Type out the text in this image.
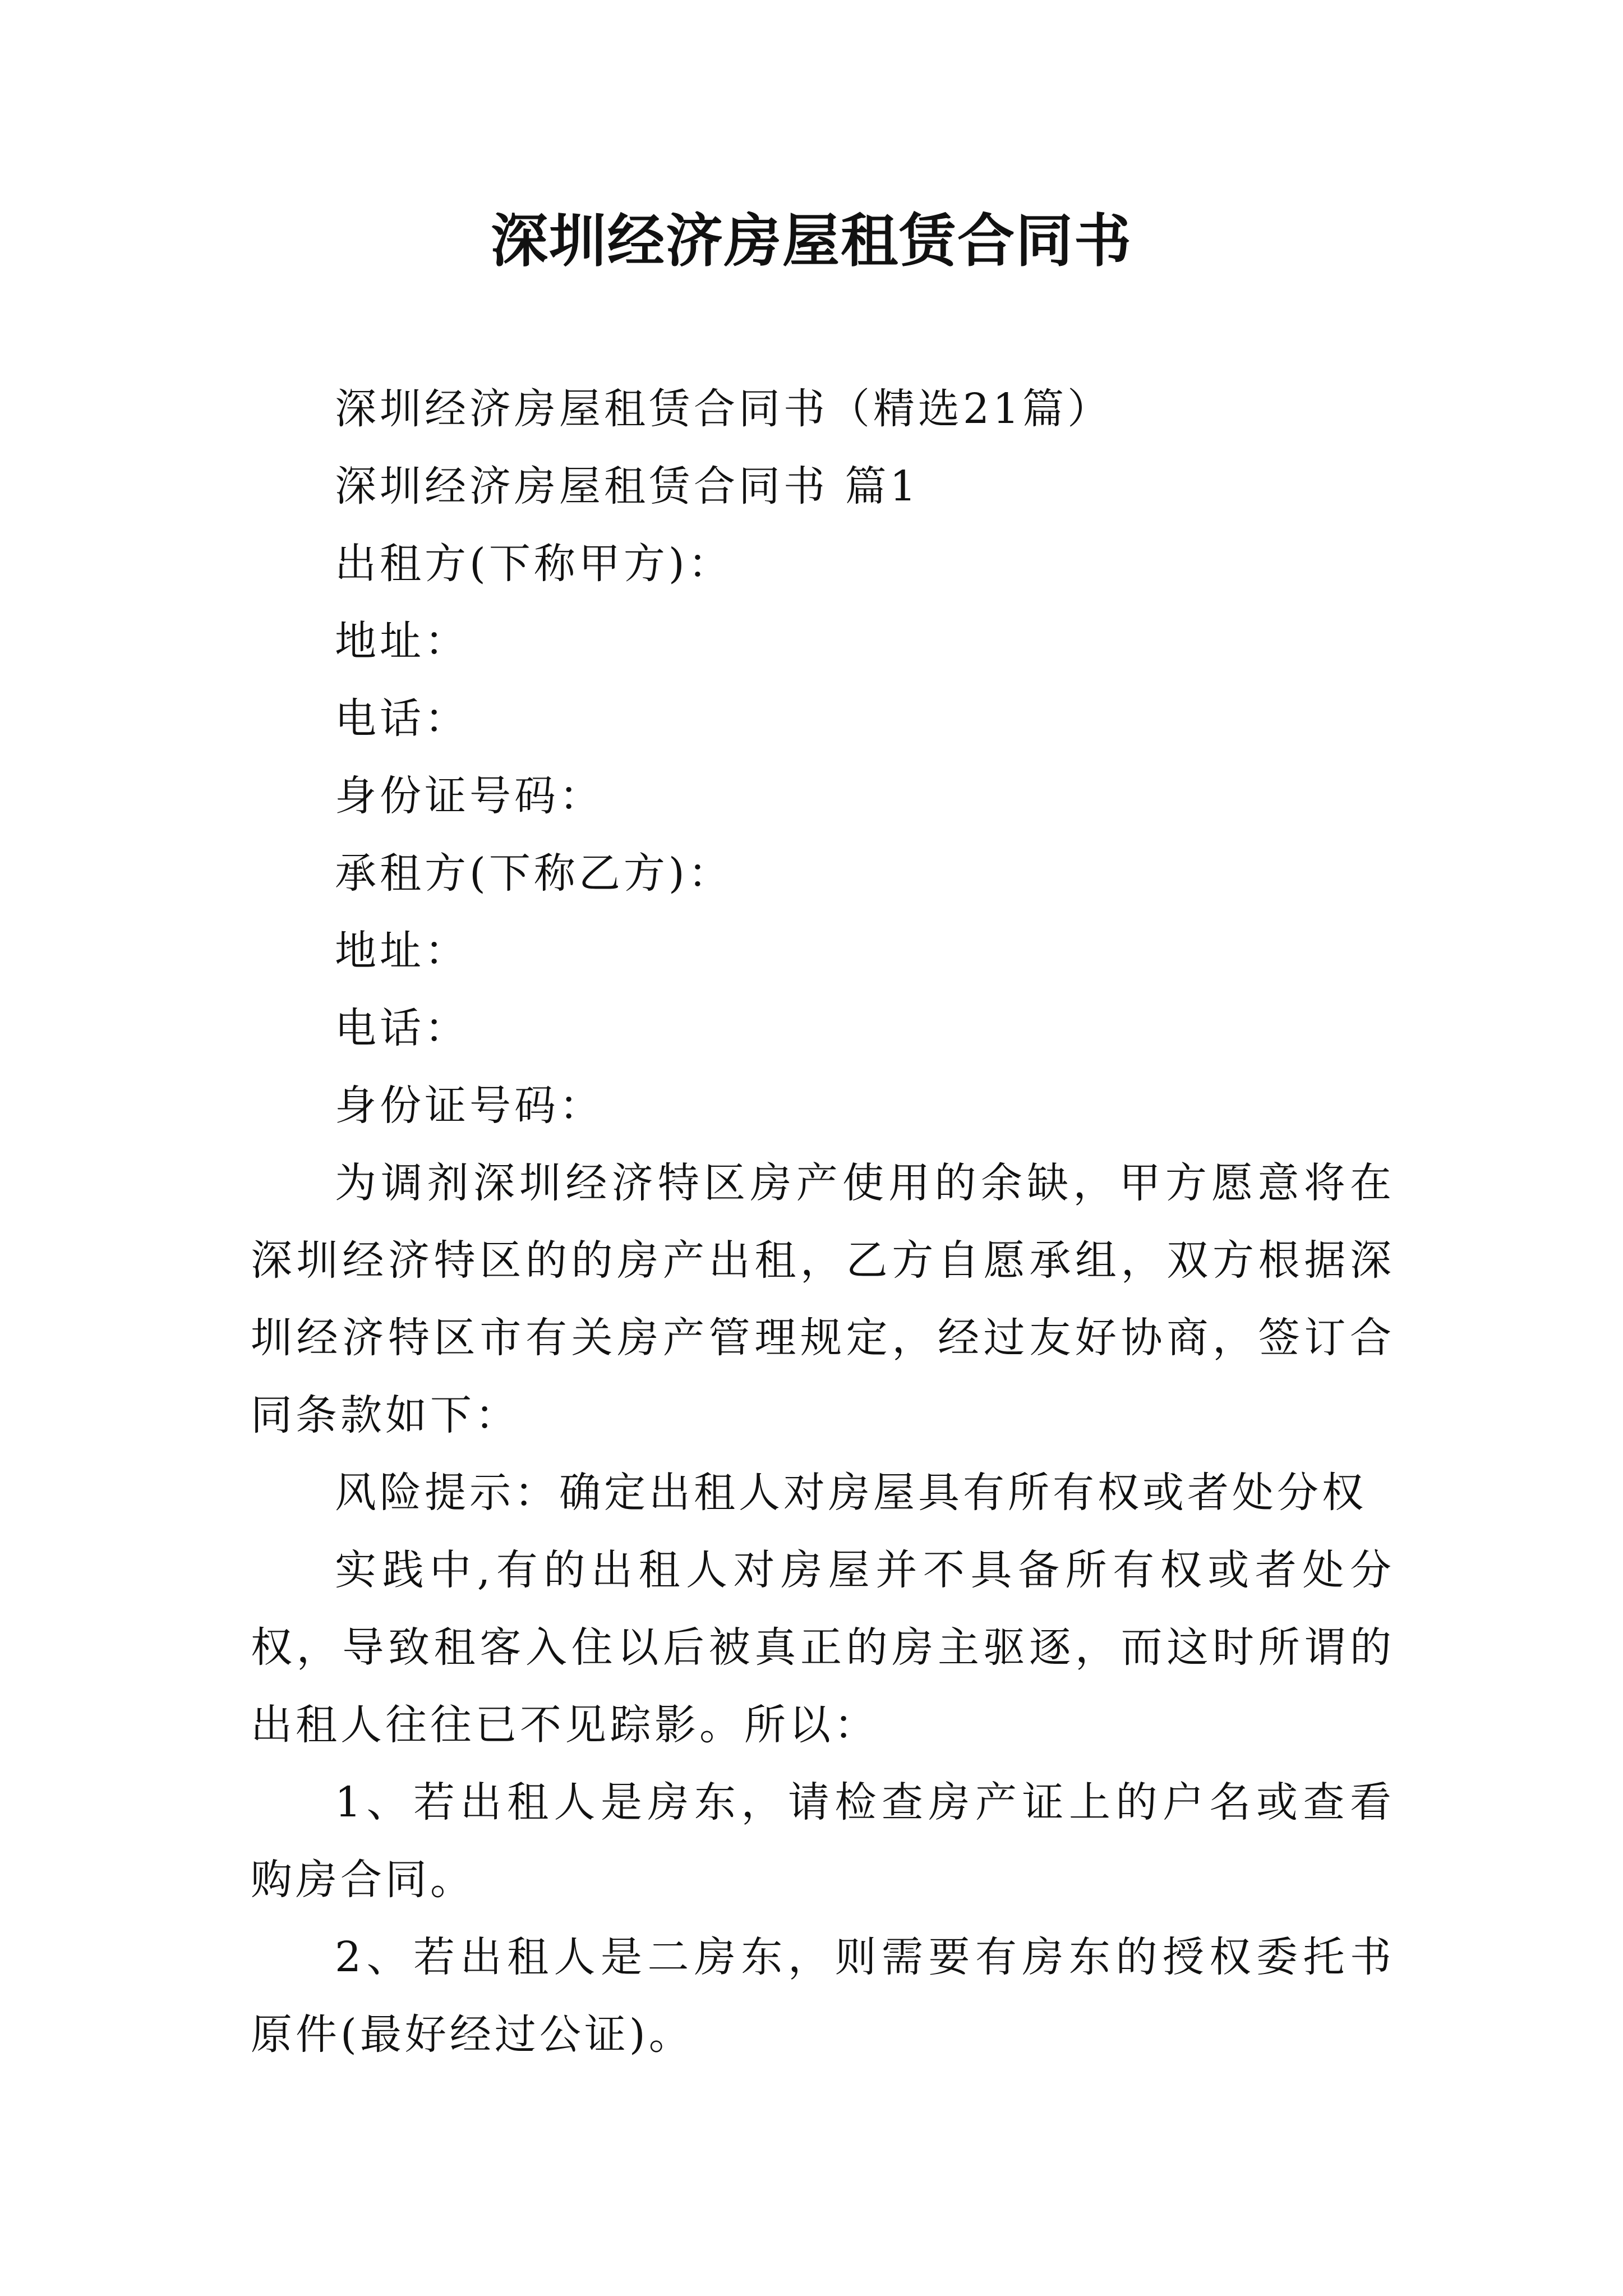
深圳经济房屋租赁合同书

深圳经济房屋租赁合同书（精选21篇）

深圳经济房屋租赁合同书 篇1

出租方(下称甲方)：

地址：

电话：

身份证号码：

承租方(下称乙方)：

地址：

电话：

身份证号码：

为调剂深圳经济特区房产使用的余缺，甲方愿意将在深圳经济特区的的房产出租，乙方自愿承组，双方根据深圳经济特区市有关房产管理规定，经过友好协商，签订合同条款如下：

风险提示：确定出租人对房屋具有所有权或者处分权

实践中,有的出租人对房屋并不具备所有权或者处分权，导致租客入住以后被真正的房主驱逐，而这时所谓的出租人往往已不见踪影。所以：

1、若出租人是房东，请检查房产证上的户名或查看购房合同。

2、若出租人是二房东，则需要有房东的授权委托书原件(最好经过公证)。
